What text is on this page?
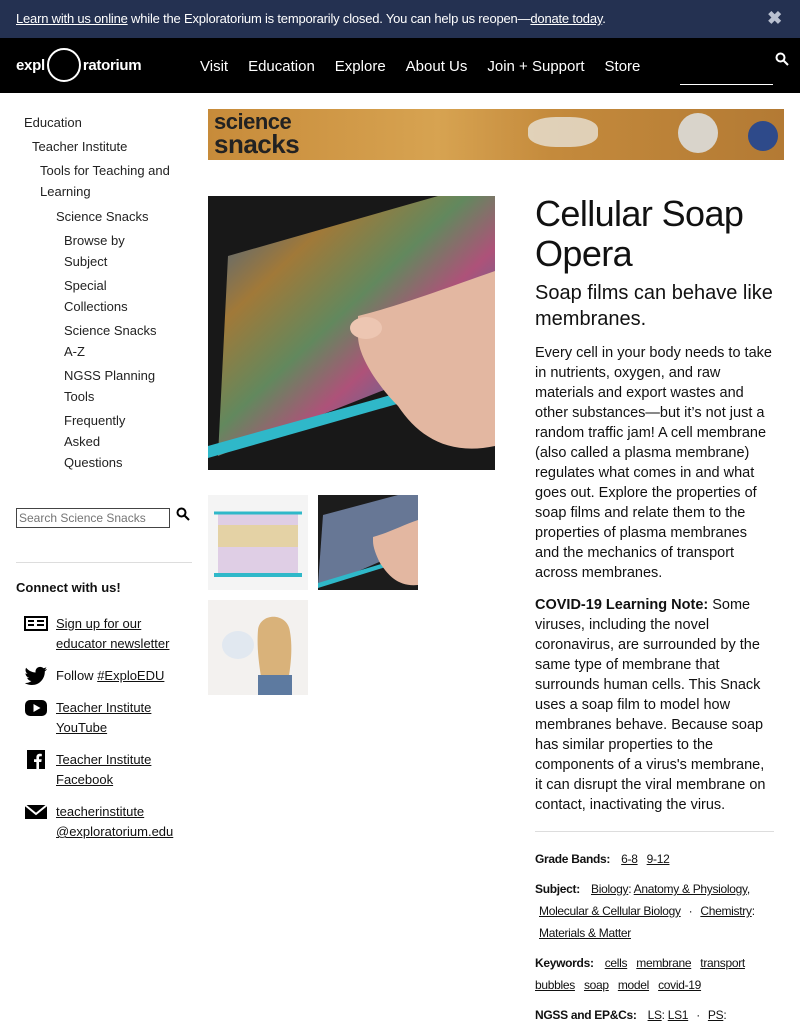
Learn with us online while the Exploratorium is temporarily closed. You can help us reopen—donate today.	✖
expl	ratorium	Visit Education Explore About Us Join + Support Store
Education
Teacher Institute
Tools for Teaching and Learning
Science Snacks
Browse by Subject
Special Collections
Science Snacks A-Z
NGSS Planning Tools
Frequently Asked Questions
Search Science Snacks
Connect with us!
Sign up for our educator newsletter
Follow #ExploEDU
Teacher Institute YouTube
Teacher Institute Facebook
teacherinstitute @exploratorium.edu
science
snacks
Cellular Soap Opera
Soap films can behave like membranes.

Every cell in your body needs to take in nutrients, oxygen, and raw materials and export wastes and other substances—but it’s not just a random traffic jam! A cell membrane (also called a plasma membrane) regulates what comes in and what goes out. Explore the properties of soap films and relate them to the properties of plasma membranes and the mechanics of transport across membranes.

COVID-19 Learning Note: Some viruses, including the novel coronavirus, are surrounded by the same type of membrane that surrounds human cells. This Snack uses a soap film to model how membranes behave. Because soap has similar properties to the components of a virus's membrane, it can disrupt the viral membrane on contact, inactivating the virus.

Grade Bands: 6-8 9-12
Subject: Biology: Anatomy & Physiology,
Molecular & Cellular Biology · Chemistry:
Materials & Matter
Keywords: cells membrane transport
bubbles soap model covid-19
NGSS and EP&Cs: LS: LS1 · PS:
